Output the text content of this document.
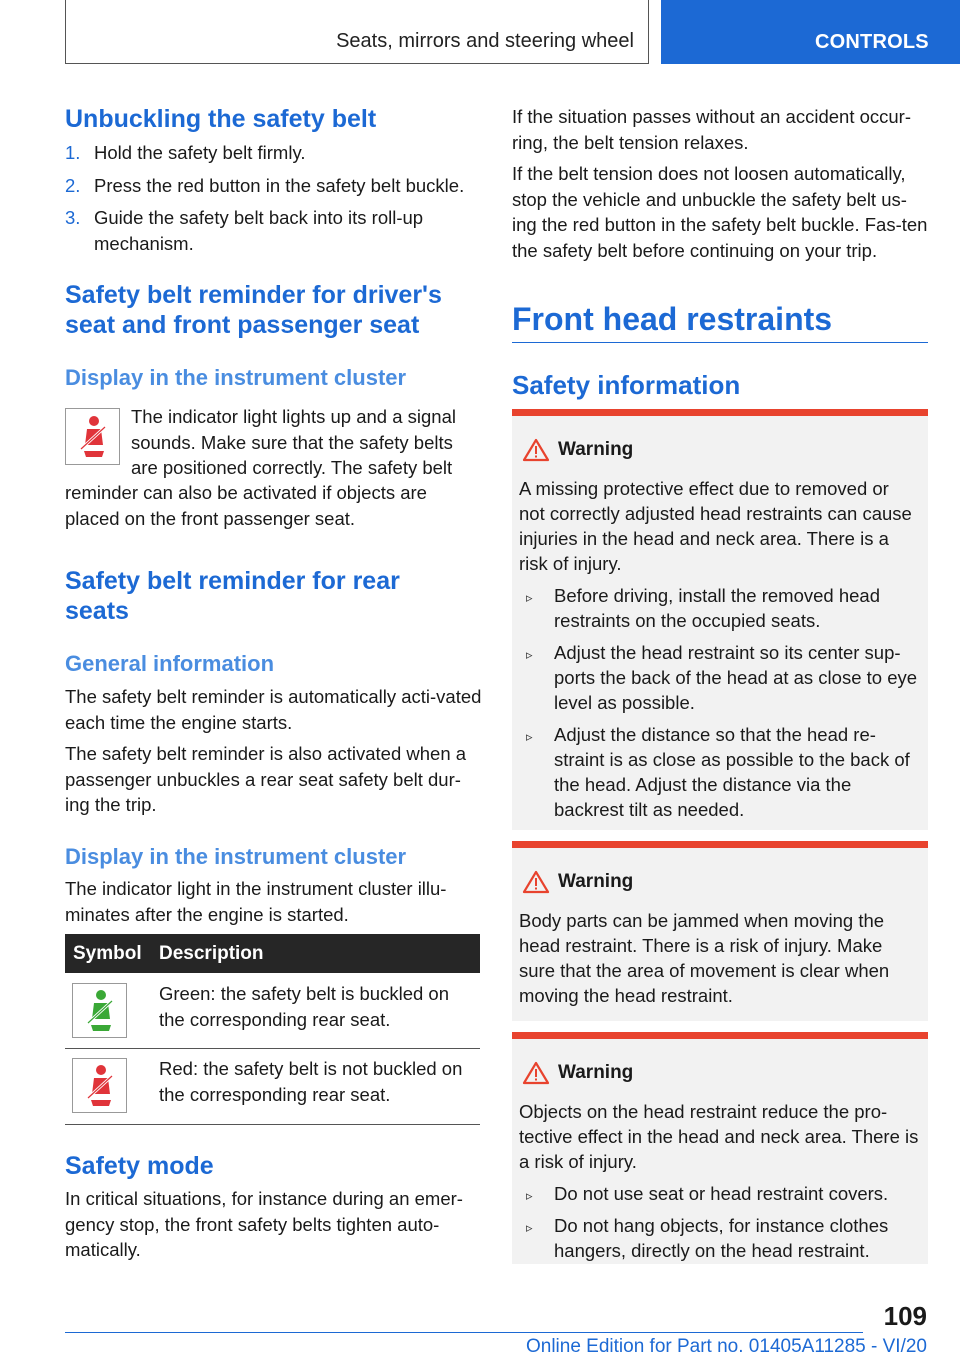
Seats, mirrors and steering wheel	CONTROLS
Unbuckling the safety belt
1. Hold the safety belt firmly.
2. Press the red button in the safety belt buckle.
3. Guide the safety belt back into its roll-up mechanism.
Safety belt reminder for driver's
seat and front passenger seat
Display in the instrument cluster
The indicator light lights up and a signal
sounds. Make sure that the safety belts
are positioned correctly. The safety belt
reminder can also be activated if objects are
placed on the front passenger seat.
Safety belt reminder for rear
seats
General information
The safety belt reminder is automatically acti-vated each time the engine starts.
The safety belt reminder is also activated when a passenger unbuckles a rear seat safety belt dur-ing the trip.
Display in the instrument cluster
The indicator light in the instrument cluster illu-minates after the engine is started.
Symbol Description
Green: the safety belt is buckled on the corresponding rear seat.
Red: the safety belt is not buckled on the corresponding rear seat.
Safety mode
In critical situations, for instance during an emer-gency stop, the front safety belts tighten auto-matically.
If the situation passes without an accident occur-ring, the belt tension relaxes.
If the belt tension does not loosen automatically, stop the vehicle and unbuckle the safety belt us-ing the red button in the safety belt buckle. Fas-ten the safety belt before continuing on your trip.
Front head restraints
Safety information
Warning
A missing protective effect due to removed or not correctly adjusted head restraints can cause injuries in the head and neck area. There is a risk of injury.
▹ Before driving, install the removed head restraints on the occupied seats.
▹ Adjust the head restraint so its center sup-ports the back of the head at as close to eye level as possible.
▹ Adjust the distance so that the head re-straint is as close as possible to the back of the head. Adjust the distance via the backrest tilt as needed.
Warning
Body parts can be jammed when moving the head restraint. There is a risk of injury. Make sure that the area of movement is clear when moving the head restraint.
Warning
Objects on the head restraint reduce the pro-tective effect in the head and neck area. There is a risk of injury.
▹ Do not use seat or head restraint covers.
▹ Do not hang objects, for instance clothes hangers, directly on the head restraint.
109
Online Edition for Part no. 01405A11285 - VI/20
